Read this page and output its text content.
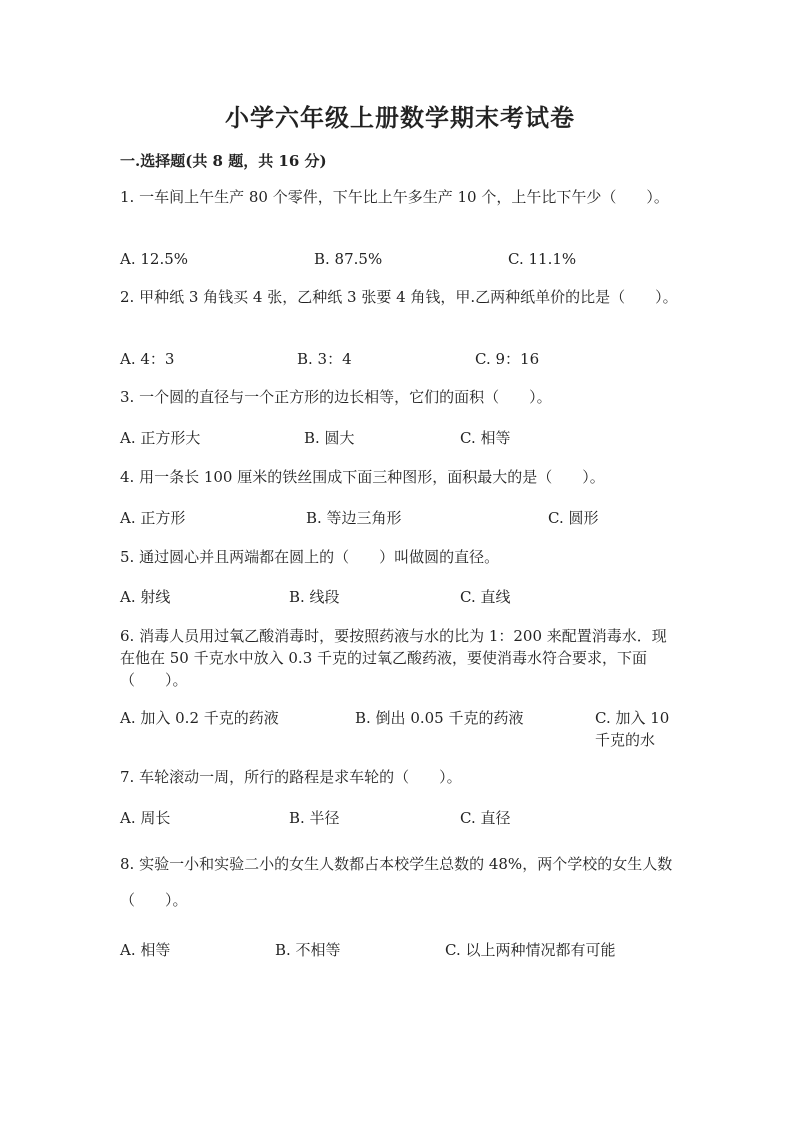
小学六年级上册数学期末考试卷
一.选择题(共 8 题，共 16 分)
1. 一车间上午生产 80 个零件，下午比上午多生产 10 个，上午比下午少（　　）。
A. 12.5%	B. 87.5%	C. 11.1%
2. 甲种纸 3 角钱买 4 张，乙种纸 3 张要 4 角钱，甲.乙两种纸单价的比是（　　）。
A. 4：3	B. 3：4	C. 9：16
3. 一个圆的直径与一个正方形的边长相等，它们的面积（　　）。
A. 正方形大	B. 圆大	C. 相等
4. 用一条长 100 厘米的铁丝围成下面三种图形，面积最大的是（　　）。
A. 正方形	B. 等边三角形	C. 圆形
5. 通过圆心并且两端都在圆上的（　　）叫做圆的直径。
A. 射线	B. 线段	C. 直线
6. 消毒人员用过氧乙酸消毒时，要按照药液与水的比为 1：200 来配置消毒水．现在他在 50 千克水中放入 0.3 千克的过氧乙酸药液，要使消毒水符合要求，下面（　　）。
A. 加入 0.2 千克的药液	B. 倒出 0.05 千克的药液	C. 加入 10 千克的水
7. 车轮滚动一周，所行的路程是求车轮的（　　）。
A. 周长	B. 半径	C. 直径
8. 实验一小和实验二小的女生人数都占本校学生总数的 48%，两个学校的女生人数（　　）。
A. 相等	B. 不相等	C. 以上两种情况都有可能
